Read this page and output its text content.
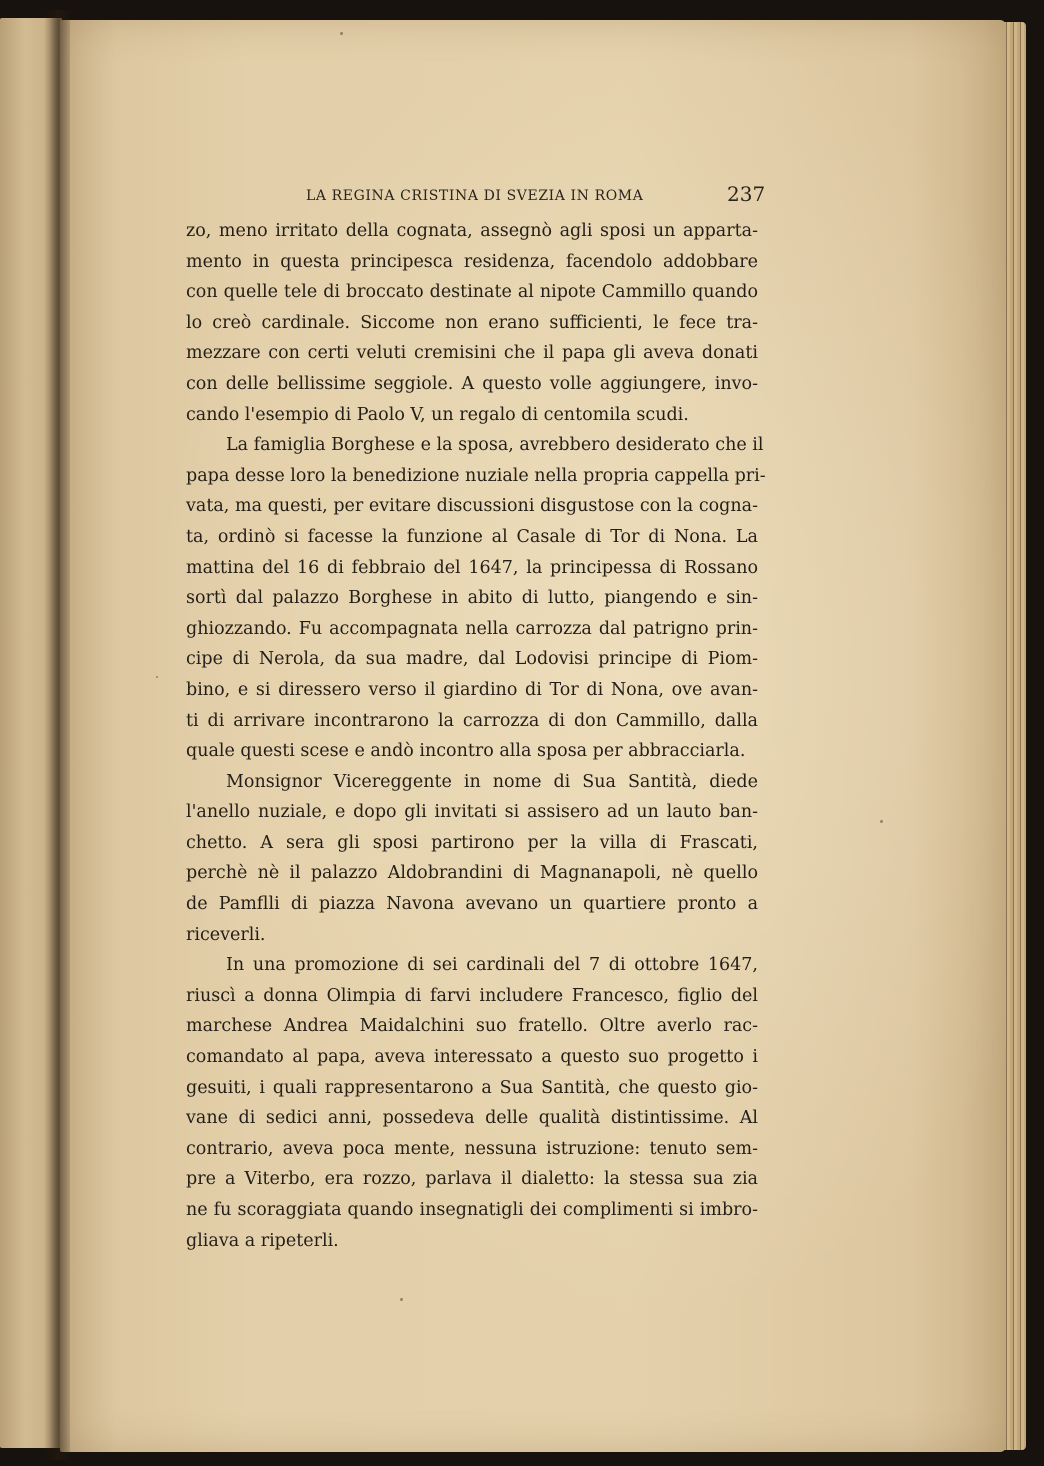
LA REGINA CRISTINA DI SVEZIA IN ROMA	237
zo, meno irritato della cognata, assegnò agli sposi un apparta-
mento in questa principesca residenza, facendolo addobbare
con quelle tele di broccato destinate al nipote Cammillo quando
lo creò cardinale. Siccome non erano sufficienti, le fece tra-
mezzare con certi veluti cremisini che il papa gli aveva donati
con delle bellissime seggiole. A questo volle aggiungere, invo-
cando l'esempio di Paolo V, un regalo di centomila scudi.
La famiglia Borghese e la sposa, avrebbero desiderato che il
papa desse loro la benedizione nuziale nella propria cappella pri-
vata, ma questi, per evitare discussioni disgustose con la cogna-
ta, ordinò si facesse la funzione al Casale di Tor di Nona. La
mattina del 16 di febbraio del 1647, la principessa di Rossano
sortì dal palazzo Borghese in abito di lutto, piangendo e sin-
ghiozzando. Fu accompagnata nella carrozza dal patrigno prin-
cipe di Nerola, da sua madre, dal Lodovisi principe di Piom-
bino, e si diressero verso il giardino di Tor di Nona, ove avan-
ti di arrivare incontrarono la carrozza di don Cammillo, dalla
quale questi scese e andò incontro alla sposa per abbracciarla.
Monsignor Vicereggente in nome di Sua Santità, diede
l'anello nuziale, e dopo gli invitati si assisero ad un lauto ban-
chetto. A sera gli sposi partirono per la villa di Frascati,
perchè nè il palazzo Aldobrandini di Magnanapoli, nè quello
de Pamflli di piazza Navona avevano un quartiere pronto a
riceverli.
In una promozione di sei cardinali del 7 di ottobre 1647,
riuscì a donna Olimpia di farvi includere Francesco, figlio del
marchese Andrea Maidalchini suo fratello. Oltre averlo rac-
comandato al papa, aveva interessato a questo suo progetto i
gesuiti, i quali rappresentarono a Sua Santità, che questo gio-
vane di sedici anni, possedeva delle qualità distintissime. Al
contrario, aveva poca mente, nessuna istruzione: tenuto sem-
pre a Viterbo, era rozzo, parlava il dialetto: la stessa sua zia
ne fu scoraggiata quando insegnatigli dei complimenti si imbro-
gliava a ripeterli.
